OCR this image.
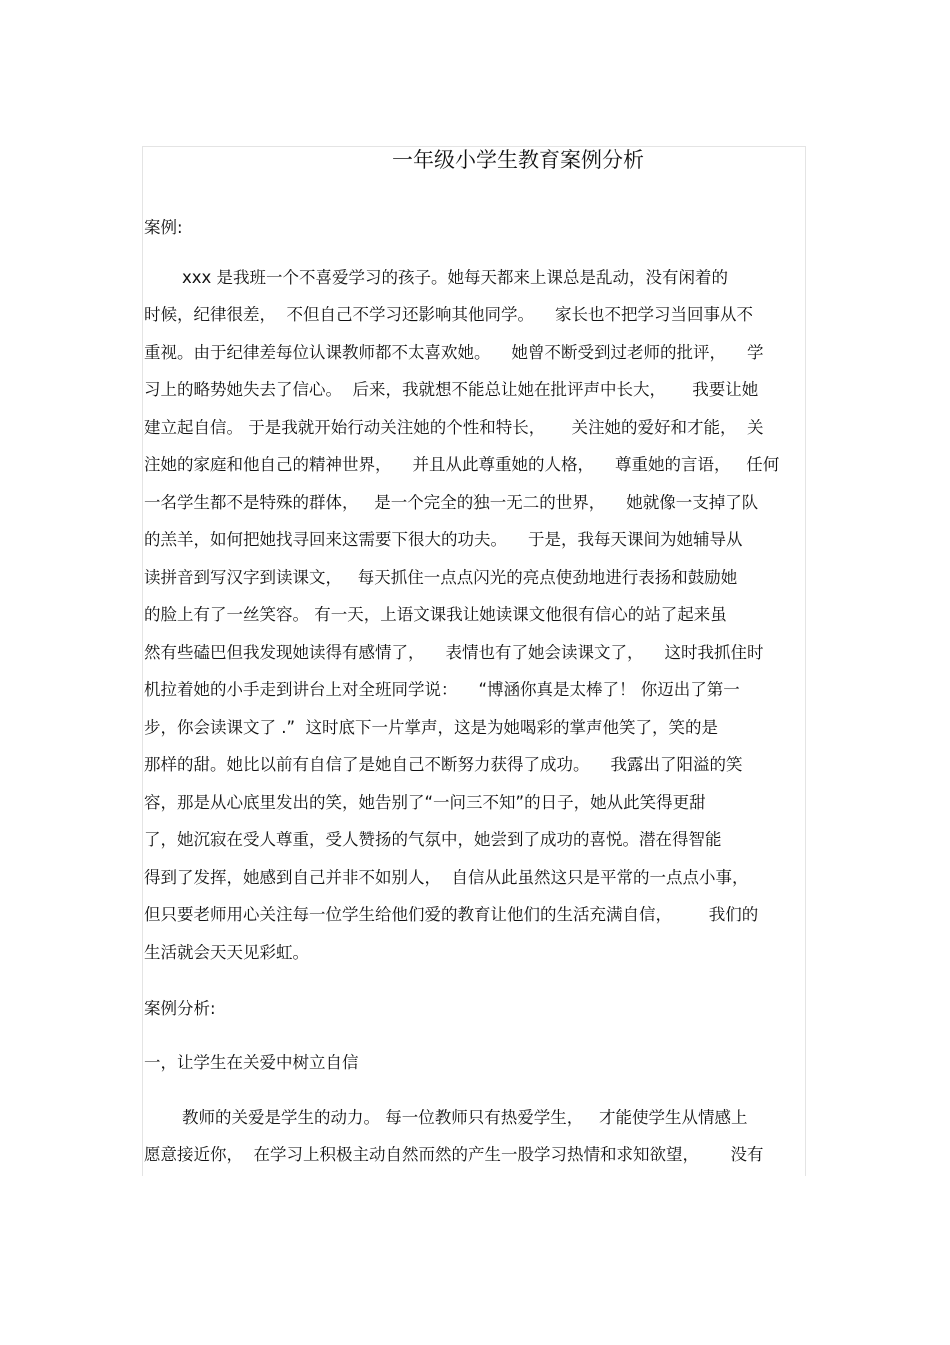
一年级小学生教育案例分析
案例:
xxx 是我班一个不喜爱学习的孩子。她每天都来上课总是乱动，没有闲着的
时候，纪律很差，  不但自己不学习还影响其他同学。    家长也不把学习当回事从不
重视。由于纪律差每位认课教师都不太喜欢她。    她曾不断受到过老师的批评，    学
习上的略势她失去了信心。  后来，我就想不能总让她在批评声中长大，     我要让她
建立起自信。 于是我就开始行动关注她的个性和特长，     关注她的爱好和才能，  关
注她的家庭和他自己的精神世界，    并且从此尊重她的人格，    尊重她的言语，   任何
一名学生都不是特殊的群体，   是一个完全的独一无二的世界，    她就像一支掉了队
的羔羊，如何把她找寻回来这需要下很大的功夫。    于是，我每天课间为她辅导从
读拼音到写汉字到读课文，   每天抓住一点点闪光的亮点使劲地进行表扬和鼓励她
的脸上有了一丝笑容。 有一天，上语文课我让她读课文他很有信心的站了起来虽
然有些磕巴但我发现她读得有感情了，    表情也有了她会读课文了，    这时我抓住时
机拉着她的小手走到讲台上对全班同学说：    “博涵你真是太棒了！ 你迈出了第一
步，你会读课文了 .”  这时底下一片掌声，这是为她喝彩的掌声他笑了，笑的是
那样的甜。她比以前有自信了是她自己不断努力获得了成功。    我露出了阳溢的笑
容，那是从心底里发出的笑，她告别了“一问三不知”的日子，她从此笑得更甜
了，她沉寂在受人尊重，受人赞扬的气氛中，她尝到了成功的喜悦。潜在得智能
得到了发挥，她感到自己并非不如别人，  自信从此虽然这只是平常的一点点小事，
但只要老师用心关注每一位学生给他们爱的教育让他们的生活充满自信，       我们的
生活就会天天见彩虹。
案例分析:
一，让学生在关爱中树立自信
教师的关爱是学生的动力。 每一位教师只有热爱学生，   才能使学生从情感上
愿意接近你，  在学习上积极主动自然而然的产生一股学习热情和求知欲望，      没有
